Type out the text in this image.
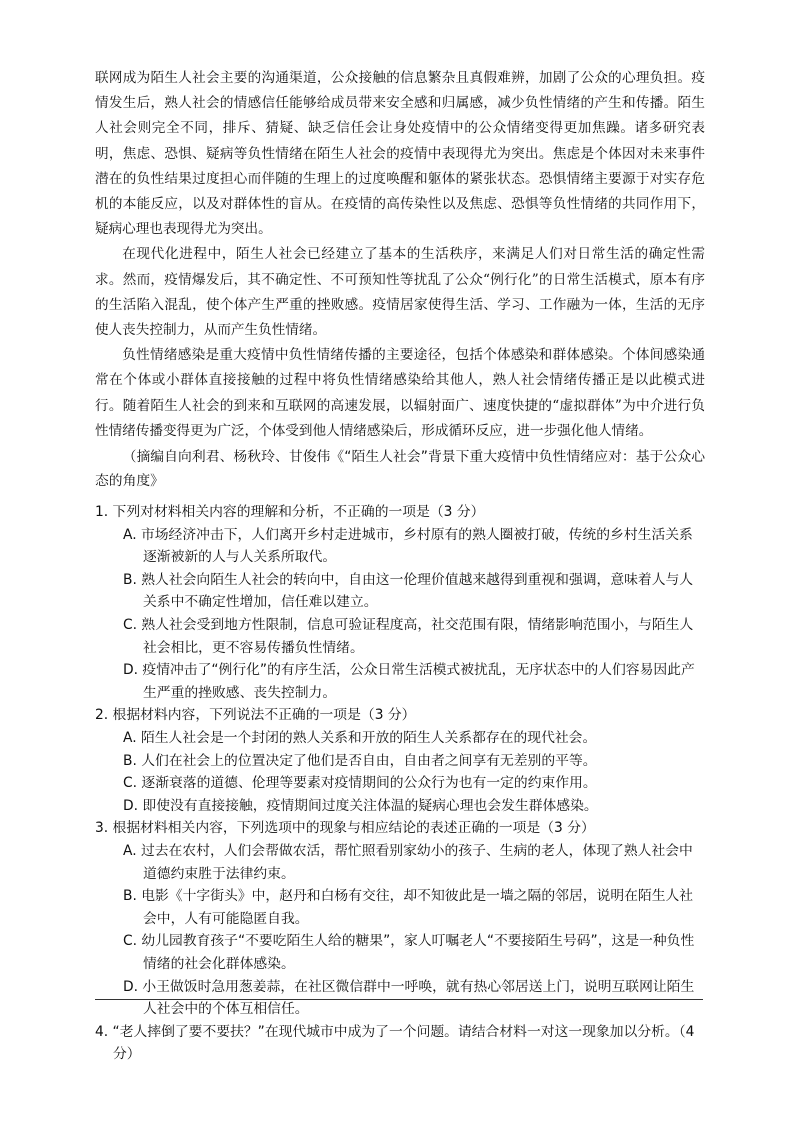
联网成为陌生人社会主要的沟通渠道，公众接触的信息繁杂且真假难辨，加剧了公众的心理负担。疫情发生后，熟人社会的情感信任能够给成员带来安全感和归属感，减少负性情绪的产生和传播。陌生人社会则完全不同，排斥、猜疑、缺乏信任会让身处疫情中的公众情绪变得更加焦躁。诸多研究表明，焦虑、恐惧、疑病等负性情绪在陌生人社会的疫情中表现得尤为突出。焦虑是个体因对未来事件潜在的负性结果过度担心而伴随的生理上的过度唤醒和躯体的紧张状态。恐惧情绪主要源于对实存危机的本能反应，以及对群体性的盲从。在疫情的高传染性以及焦虑、恐惧等负性情绪的共同作用下，疑病心理也表现得尤为突出。

在现代化进程中，陌生人社会已经建立了基本的生活秩序，来满足人们对日常生活的确定性需求。然而，疫情爆发后，其不确定性、不可预知性等扰乱了公众“例行化”的日常生活模式，原本有序的生活陷入混乱，使个体产生严重的挫败感。疫情居家使得生活、学习、工作融为一体，生活的无序使人丧失控制力，从而产生负性情绪。

负性情绪感染是重大疫情中负性情绪传播的主要途径，包括个体感染和群体感染。个体间感染通常在个体或小群体直接接触的过程中将负性情绪感染给其他人，熟人社会情绪传播正是以此模式进行。随着陌生人社会的到来和互联网的高速发展，以辐射面广、速度快捷的“虚拟群体”为中介进行负性情绪传播变得更为广泛，个体受到他人情绪感染后，形成循环反应，进一步强化他人情绪。

（摘编自向利君、杨秋玲、甘俊伟《“陌生人社会”背景下重大疫情中负性情绪应对：基于公众心态的角度》

1. 下列对材料相关内容的理解和分析，不正确的一项是（3 分）

A. 市场经济冲击下，人们离开乡村走进城市，乡村原有的熟人圈被打破，传统的乡村生活关系逐渐被新的人与人关系所取代。

B. 熟人社会向陌生人社会的转向中，自由这一伦理价值越来越得到重视和强调，意味着人与人关系中不确定性增加，信任难以建立。

C. 熟人社会受到地方性限制，信息可验证程度高，社交范围有限，情绪影响范围小，与陌生人社会相比，更不容易传播负性情绪。

D. 疫情冲击了“例行化”的有序生活，公众日常生活模式被扰乱，无序状态中的人们容易因此产生严重的挫败感、丧失控制力。

2. 根据材料内容，下列说法不正确的一项是（3 分）

A. 陌生人社会是一个封闭的熟人关系和开放的陌生人关系都存在的现代社会。

B. 人们在社会上的位置决定了他们是否自由，自由者之间享有无差别的平等。

C. 逐渐衰落的道德、伦理等要素对疫情期间的公众行为也有一定的约束作用。

D. 即使没有直接接触，疫情期间过度关注体温的疑病心理也会发生群体感染。

3. 根据材料相关内容，下列选项中的现象与相应结论的表述正确的一项是（3 分）

A. 过去在农村，人们会帮做农活，帮忙照看别家幼小的孩子、生病的老人，体现了熟人社会中道德约束胜于法律约束。

B. 电影《十字街头》中，赵丹和白杨有交往，却不知彼此是一墙之隔的邻居，说明在陌生人社会中，人有可能隐匿自我。

C. 幼儿园教育孩子“不要吃陌生人给的糖果”，家人叮嘱老人“不要接陌生号码”，这是一种负性情绪的社会化群体感染。

D. 小王做饭时急用葱姜蒜，在社区微信群中一呼唤，就有热心邻居送上门，说明互联网让陌生人社会中的个体互相信任。

4. “老人摔倒了要不要扶？”在现代城市中成为了一个问题。请结合材料一对这一现象加以分析。（4 分）
